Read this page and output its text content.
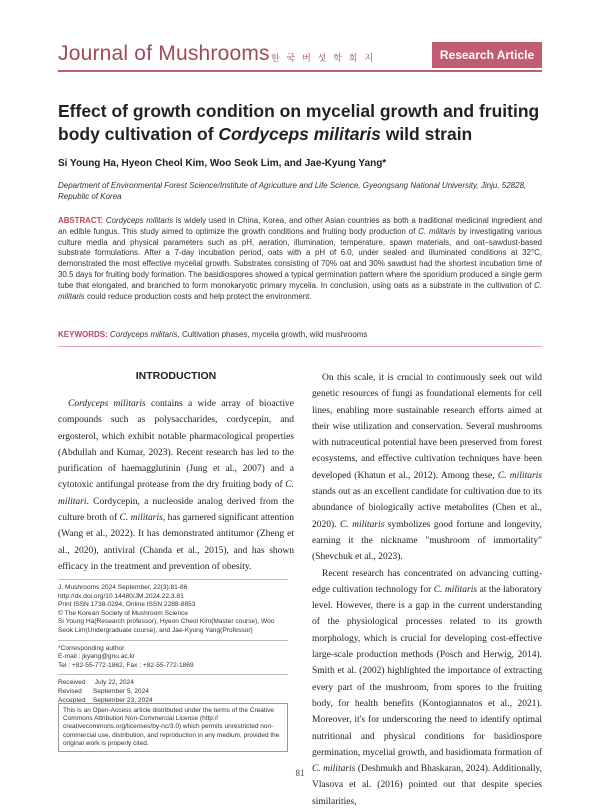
Journal of Mushrooms 한 국 버 섯 학 회 지	Research Article
Effect of growth condition on mycelial growth and fruiting body cultivation of Cordyceps militaris wild strain
Si Young Ha, Hyeon Cheol Kim, Woo Seok Lim, and Jae-Kyung Yang*
Department of Environmental Forest Science/Institute of Agriculture and Life Science, Gyeongsang National University, Jinju, 52828, Republic of Korea
ABSTRACT: Cordyceps militaris is widely used in China, Korea, and other Asian countries as both a traditional medicinal ingredient and an edible fungus. This study aimed to optimize the growth conditions and fruiting body production of C. militaris by investigating various culture media and physical parameters such as pH, aeration, illumination, temperature, spawn materials, and oat–sawdust-based substrate formulations. After a 7-day incubation period, oats with a pH of 6.0, under sealed and illuminated conditions at 32°C, demonstrated the most effective mycelial growth. Substrates consisting of 70% oat and 30% sawdust had the shortest incubation time of 30.5 days for fruiting body formation. The basidiospores showed a typical germination pattern where the sporidium produced a single germ tube that elongated, and branched to form monokaryotic primary mycelia. In conclusion, using oats as a substrate in the cultivation of C. militaris could reduce production costs and help protect the environment.
KEYWORDS: Cordyceps militaris, Cultivation phases, mycelia growth, wild mushrooms
INTRODUCTION

Cordyceps militaris contains a wide array of bioactive compounds such as polysaccharides, cordycepin, and ergosterol, which exhibit notable pharmacological properties (Abdullah and Kumar, 2023). Recent research has led to the purification of haemagglutinin (Jung et al., 2007) and a cytotoxic antifungal protease from the dry fruiting body of C. militari. Cordycepin, a nucleoside analog derived from the culture broth of C. militaris, has garnered significant attention (Wang et al., 2022). It has demonstrated antitumor (Zheng et al., 2020), antiviral (Chanda et al., 2015), and has shown efficacy in the treatment and prevention of obesity.

J. Mushrooms 2024 September, 22(3):81-86
http://dx.doi.org/10.14480/JM.2024.22.3.81
Print ISSN 1738-0294, Online ISSN 2288-8853
© The Korean Society of Mushroom Science
Si Young Ha(Research professor), Hyeon Cheol Kim(Master course), Woo Seok Lim(Undergraduate course), and Jae-Kyung Yang(Professor)
*Corresponding author
E-mail : jkyang@gnu.ac.kr
Tel : +82-55-772-1862, Fax : +82-55-772-1869
Received     July 22, 2024
Revised      September 5, 2024
Accepted    September 23, 2024
This is an Open-Access article distributed under the terms of the Creative Commons Attribution Non-Commercial License (http:// creativecommons.org/licenses/by-nc/3.0) which permits unrestricted non-commercial use, distribution, and reproduction in any medium, provided the original work is properly cited.

On this scale, it is crucial to continuously seek out wild genetic resources of fungi as foundational elements for cell lines, enabling more sustainable research efforts aimed at their wise utilization and conservation. Several mushrooms with nutraceutical potential have been preserved from forest ecosystems, and effective cultivation techniques have been developed (Khatun et al., 2012). Among these, C. militaris stands out as an excellent candidate for cultivation due to its abundance of biologically active metabolites (Chen et al., 2020). C. militaris symbolizes good fortune and longevity, earning it the nickname "mushroom of immortality" (Shevchuk et al., 2023).

Recent research has concentrated on advancing cutting-edge cultivation technology for C. militaris at the laboratory level. However, there is a gap in the current understanding of the physiological processes related to its growth morphology, which is crucial for developing cost-effective large-scale production methods (Posch and Herwig, 2014). Smith et al. (2002) highlighted the importance of extracting every part of the mushroom, from spores to the fruiting body, for health benefits (Kontogiannatos et al., 2021). Moreover, it's for underscoring the need to identify optimal nutritional and physical conditions for basidiospore germination, mycelial growth, and basidiomata formation of C. militaris (Deshmukh and Bhaskaran, 2024). Additionally, Vlasova et al. (2016) pointed out that despite species similarities,

81
